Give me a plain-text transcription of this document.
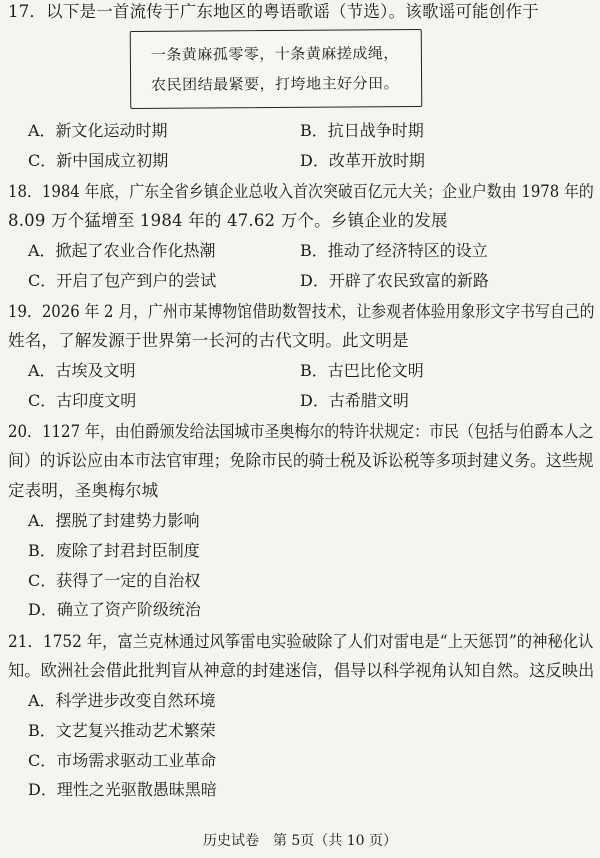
17．以下是一首流传于广东地区的粤语歌谣（节选）。该歌谣可能创作于
一条黄麻孤零零，十条黄麻搓成绳，
农民团结最紧要，打垮地主好分田。
A．新文化运动时期	B．抗日战争时期
C．新中国成立初期	D．改革开放时期
18．1984 年底，广东全省乡镇企业总收入首次突破百亿元大关；企业户数由 1978 年的
8.09 万个猛增至 1984 年的 47.62 万个。乡镇企业的发展
A．掀起了农业合作化热潮	B．推动了经济特区的设立
C．开启了包产到户的尝试	D．开辟了农民致富的新路
19．2026 年 2 月，广州市某博物馆借助数智技术，让参观者体验用象形文字书写自己的
姓名，了解发源于世界第一长河的古代文明。此文明是
A．古埃及文明	B．古巴比伦文明
C．古印度文明	D．古希腊文明
20．1127 年，由伯爵颁发给法国城市圣奥梅尔的特许状规定：市民（包括与伯爵本人之
间）的诉讼应由本市法官审理；免除市民的骑士税及诉讼税等多项封建义务。这些规
定表明，圣奥梅尔城
A．摆脱了封建势力影响
B．废除了封君封臣制度
C．获得了一定的自治权
D．确立了资产阶级统治
21．1752 年，富兰克林通过风筝雷电实验破除了人们对雷电是“上天惩罚”的神秘化认
知。欧洲社会借此批判盲从神意的封建迷信，倡导以科学视角认知自然。这反映出
A．科学进步改变自然环境
B．文艺复兴推动艺术繁荣
C．市场需求驱动工业革命
D．理性之光驱散愚昧黑暗
历史试卷　第 5页（共 10 页）
